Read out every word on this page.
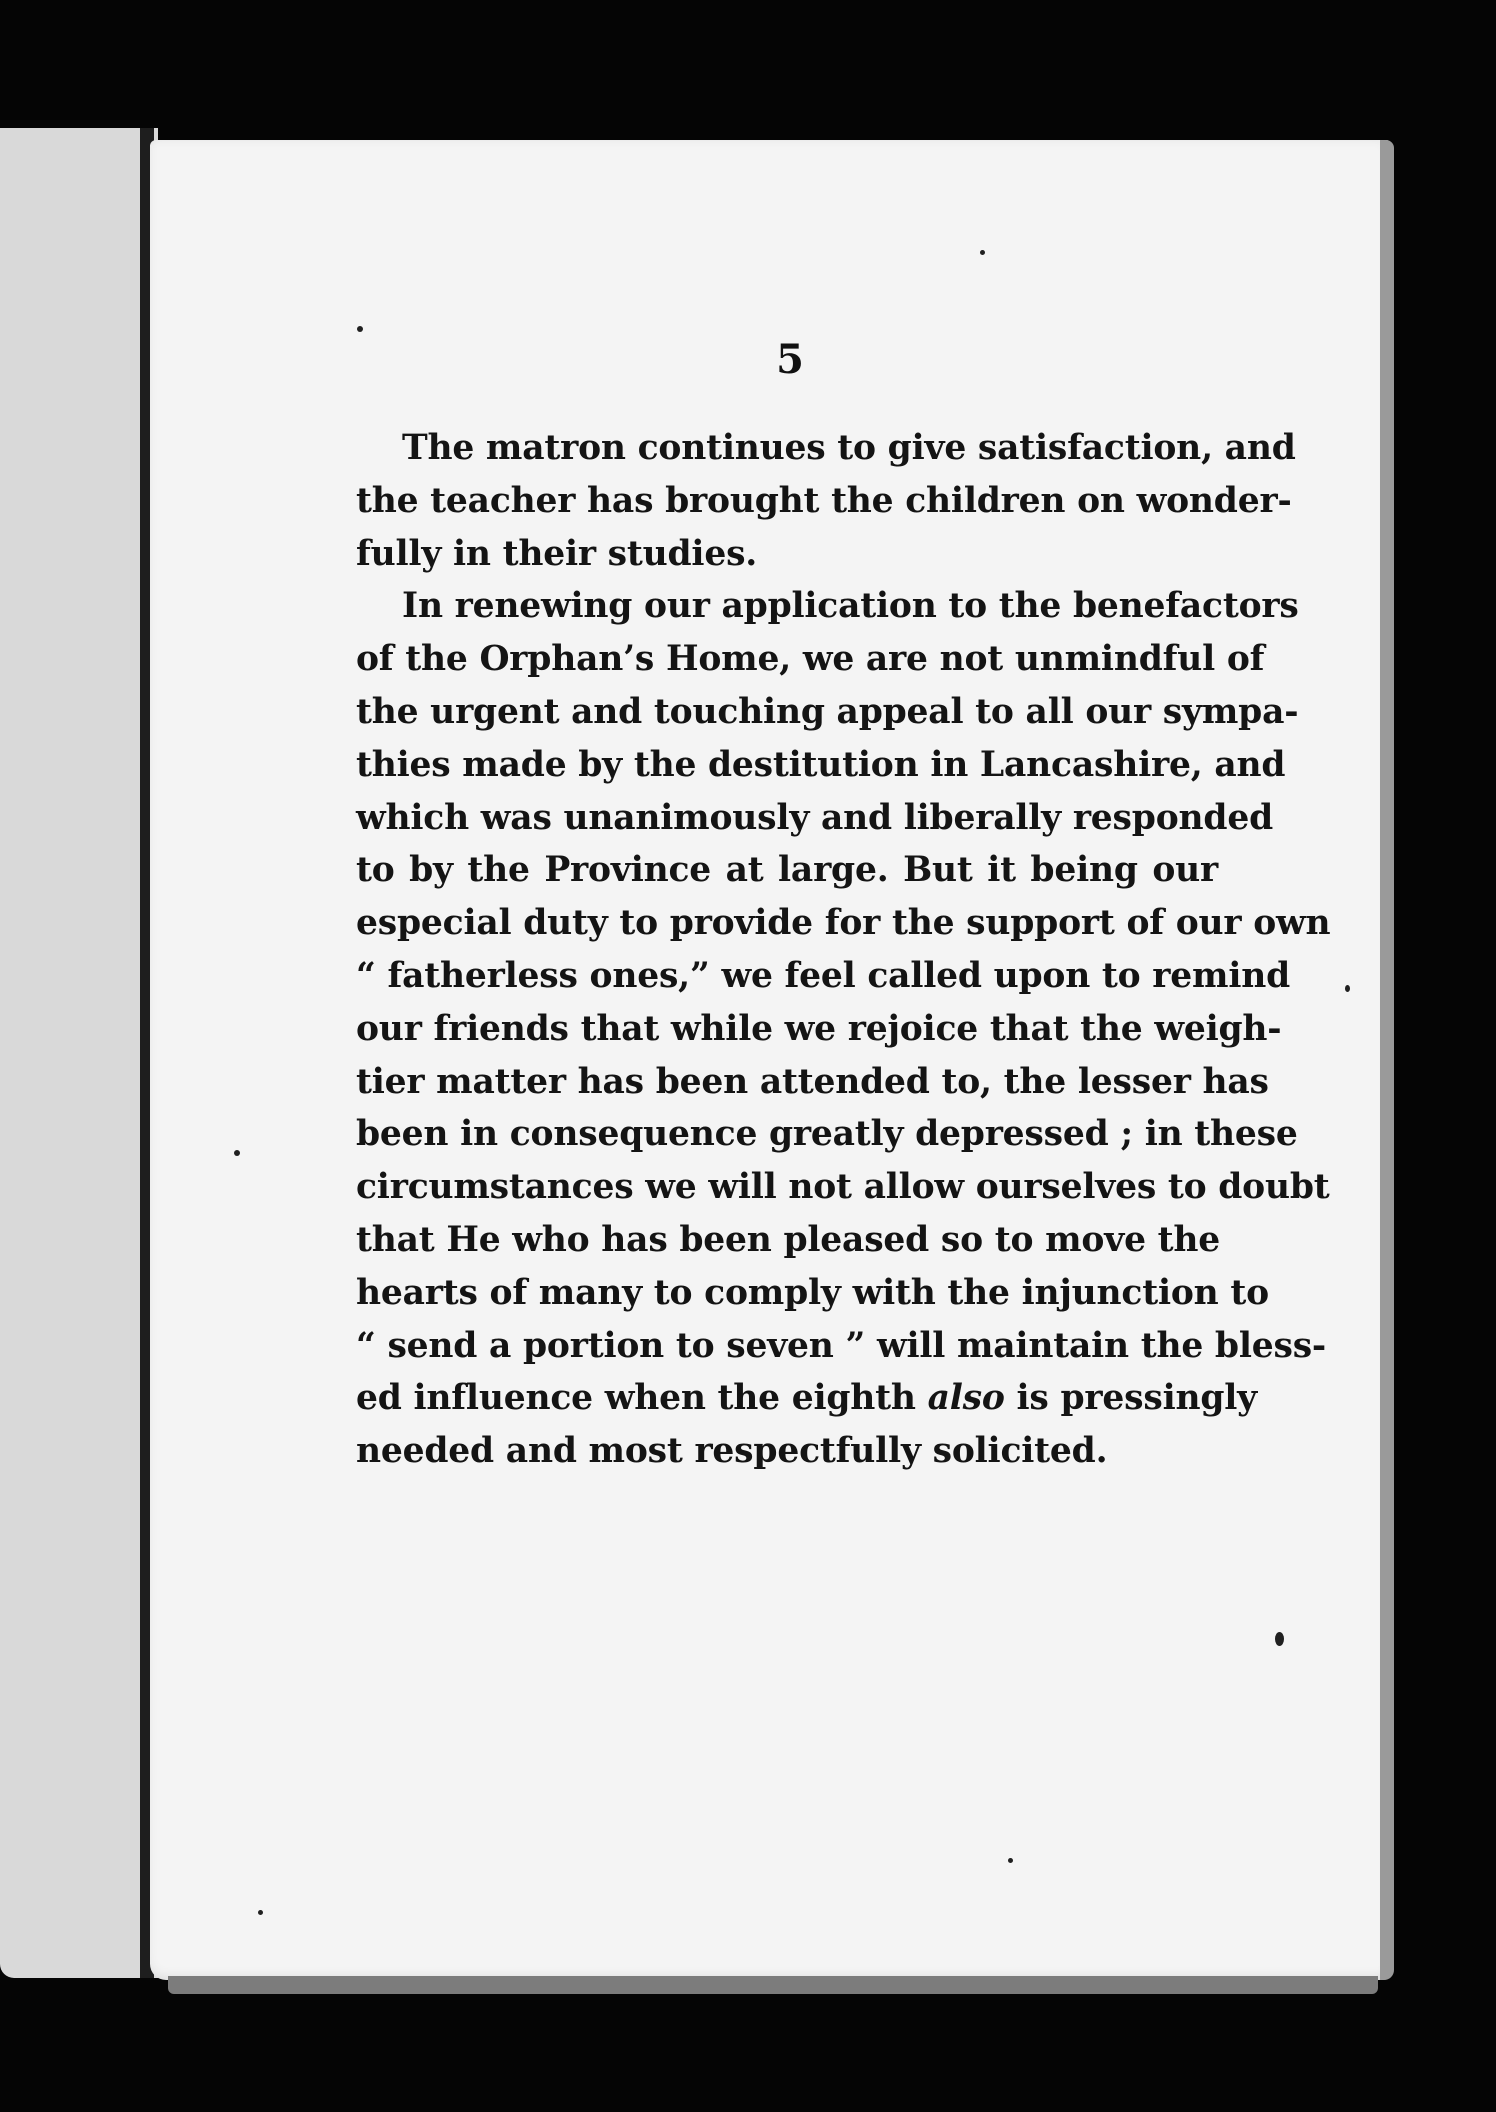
5
The matron continues to give satisfaction, and
the teacher has brought the children on wonder-
fully in their studies.
In renewing our application to the benefactors
of the Orphan’s Home, we are not unmindful of
the urgent and touching appeal to all our sympa-
thies made by the destitution in Lancashire, and
which was unanimously and liberally responded
to by the Province at large. But it being our
especial duty to provide for the support of our own
“ fatherless ones,” we feel called upon to remind
our friends that while we rejoice that the weigh-
tier matter has been attended to, the lesser has
been in consequence greatly depressed ; in these
circumstances we will not allow ourselves to doubt
that He who has been pleased so to move the
hearts of many to comply with the injunction to
“ send a portion to seven ” will maintain the bless-
ed influence when the eighth also is pressingly
needed and most respectfully solicited.
